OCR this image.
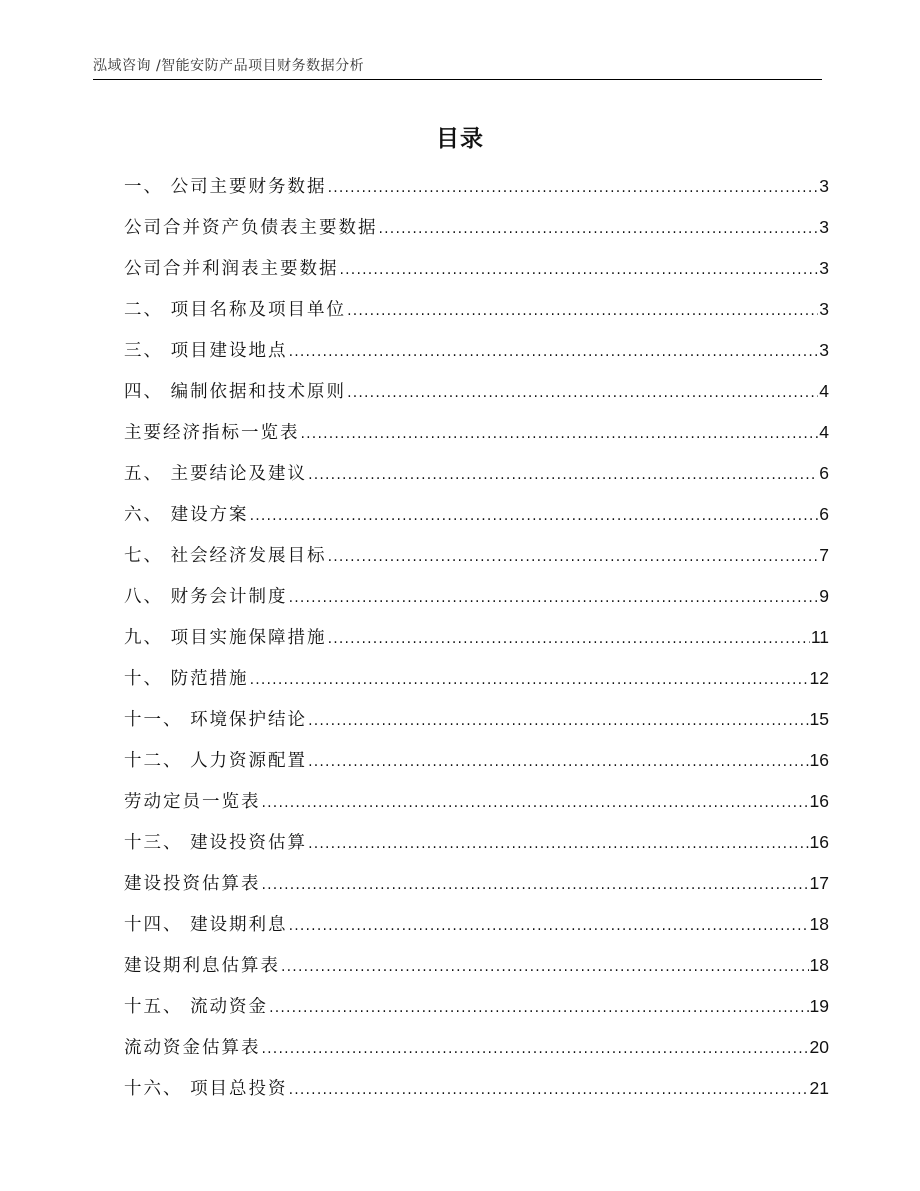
泓域咨询 /智能安防产品项目财务数据分析
目录
一、 公司主要财务数据 .....	3
公司合并资产负债表主要数据 .....	3
公司合并利润表主要数据 .....	3
二、 项目名称及项目单位 .....	3
三、 项目建设地点 .....	3
四、 编制依据和技术原则 .....	4
主要经济指标一览表 .....	4
五、 主要结论及建议 .....	6
六、 建设方案 .....	6
七、 社会经济发展目标 .....	7
八、 财务会计制度 .....	9
九、 项目实施保障措施 .....	11
十、 防范措施 .....	12
十一、 环境保护结论 .....	15
十二、 人力资源配置 .....	16
劳动定员一览表 .....	16
十三、 建设投资估算 .....	16
建设投资估算表 .....	17
十四、 建设期利息 .....	18
建设期利息估算表 .....	18
十五、 流动资金 .....	19
流动资金估算表 .....	20
十六、 项目总投资 .....	21
